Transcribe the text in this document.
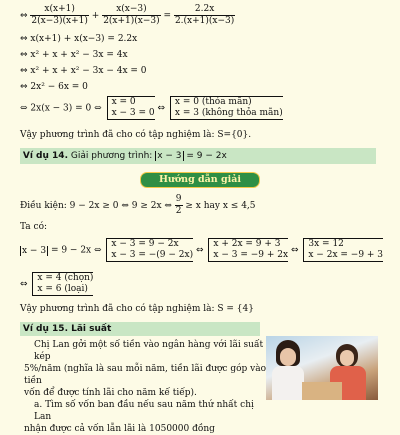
⇔ $\frac{x(x+1)}{2(x-3)(x+1)} + \frac{x(x-3)}{2(x+1)(x-3)} = \frac{2.2x}{2.(x+1)(x-3)}$
⇔ x(x+1) + x(x−3) = 2.2x
⇔ x² + x + x² − 3x = 4x
⇔ x² + x + x² − 3x − 4x = 0
⇔ 2x² − 6x = 0
⇔ 2x(x − 3) = 0 ⇔
x = 0
x − 3 = 0 ⇔
x = 0 (thỏa mãn)
x = 3 (không thỏa mãn)
Vậy phương trình đã cho có tập nghiệm là: S={0}.
Ví dụ 14. Giải phương trình: x − 3 = 9 − 2x
Hướng dẫn giải
Điều kiện: 9 − 2x ≥ 0 ⇔ 9 ≥ 2x ⇔ $\frac{9}{2} \ge x$ hay x ≤ 4,5
Ta có:
x − 3 = 9 − 2x ⇔
x − 3 = 9 − 2x
x − 3 = −(9 − 2x) ⇔
x + 2x = 9 + 3
x − 3 = −9 + 2x ⇔
3x = 12
x − 2x = −9 + 3
⇔
x = 4 (chọn)
x = 6 (loại)
Vậy phương trình đã cho có tập nghiệm là: S = {4}
Ví dụ 15. Lãi suất
Chị Lan gởi một số tiền vào ngân hàng với lãi suất kép
5%/năm (nghĩa là sau mỗi năm, tiền lãi được góp vào tiền
vốn để được tính lãi cho năm kế tiếp).
a. Tìm số vốn ban đầu nếu sau năm thứ nhất chị Lan
nhận được cả vốn lẫn lãi là 1050000 đồng
